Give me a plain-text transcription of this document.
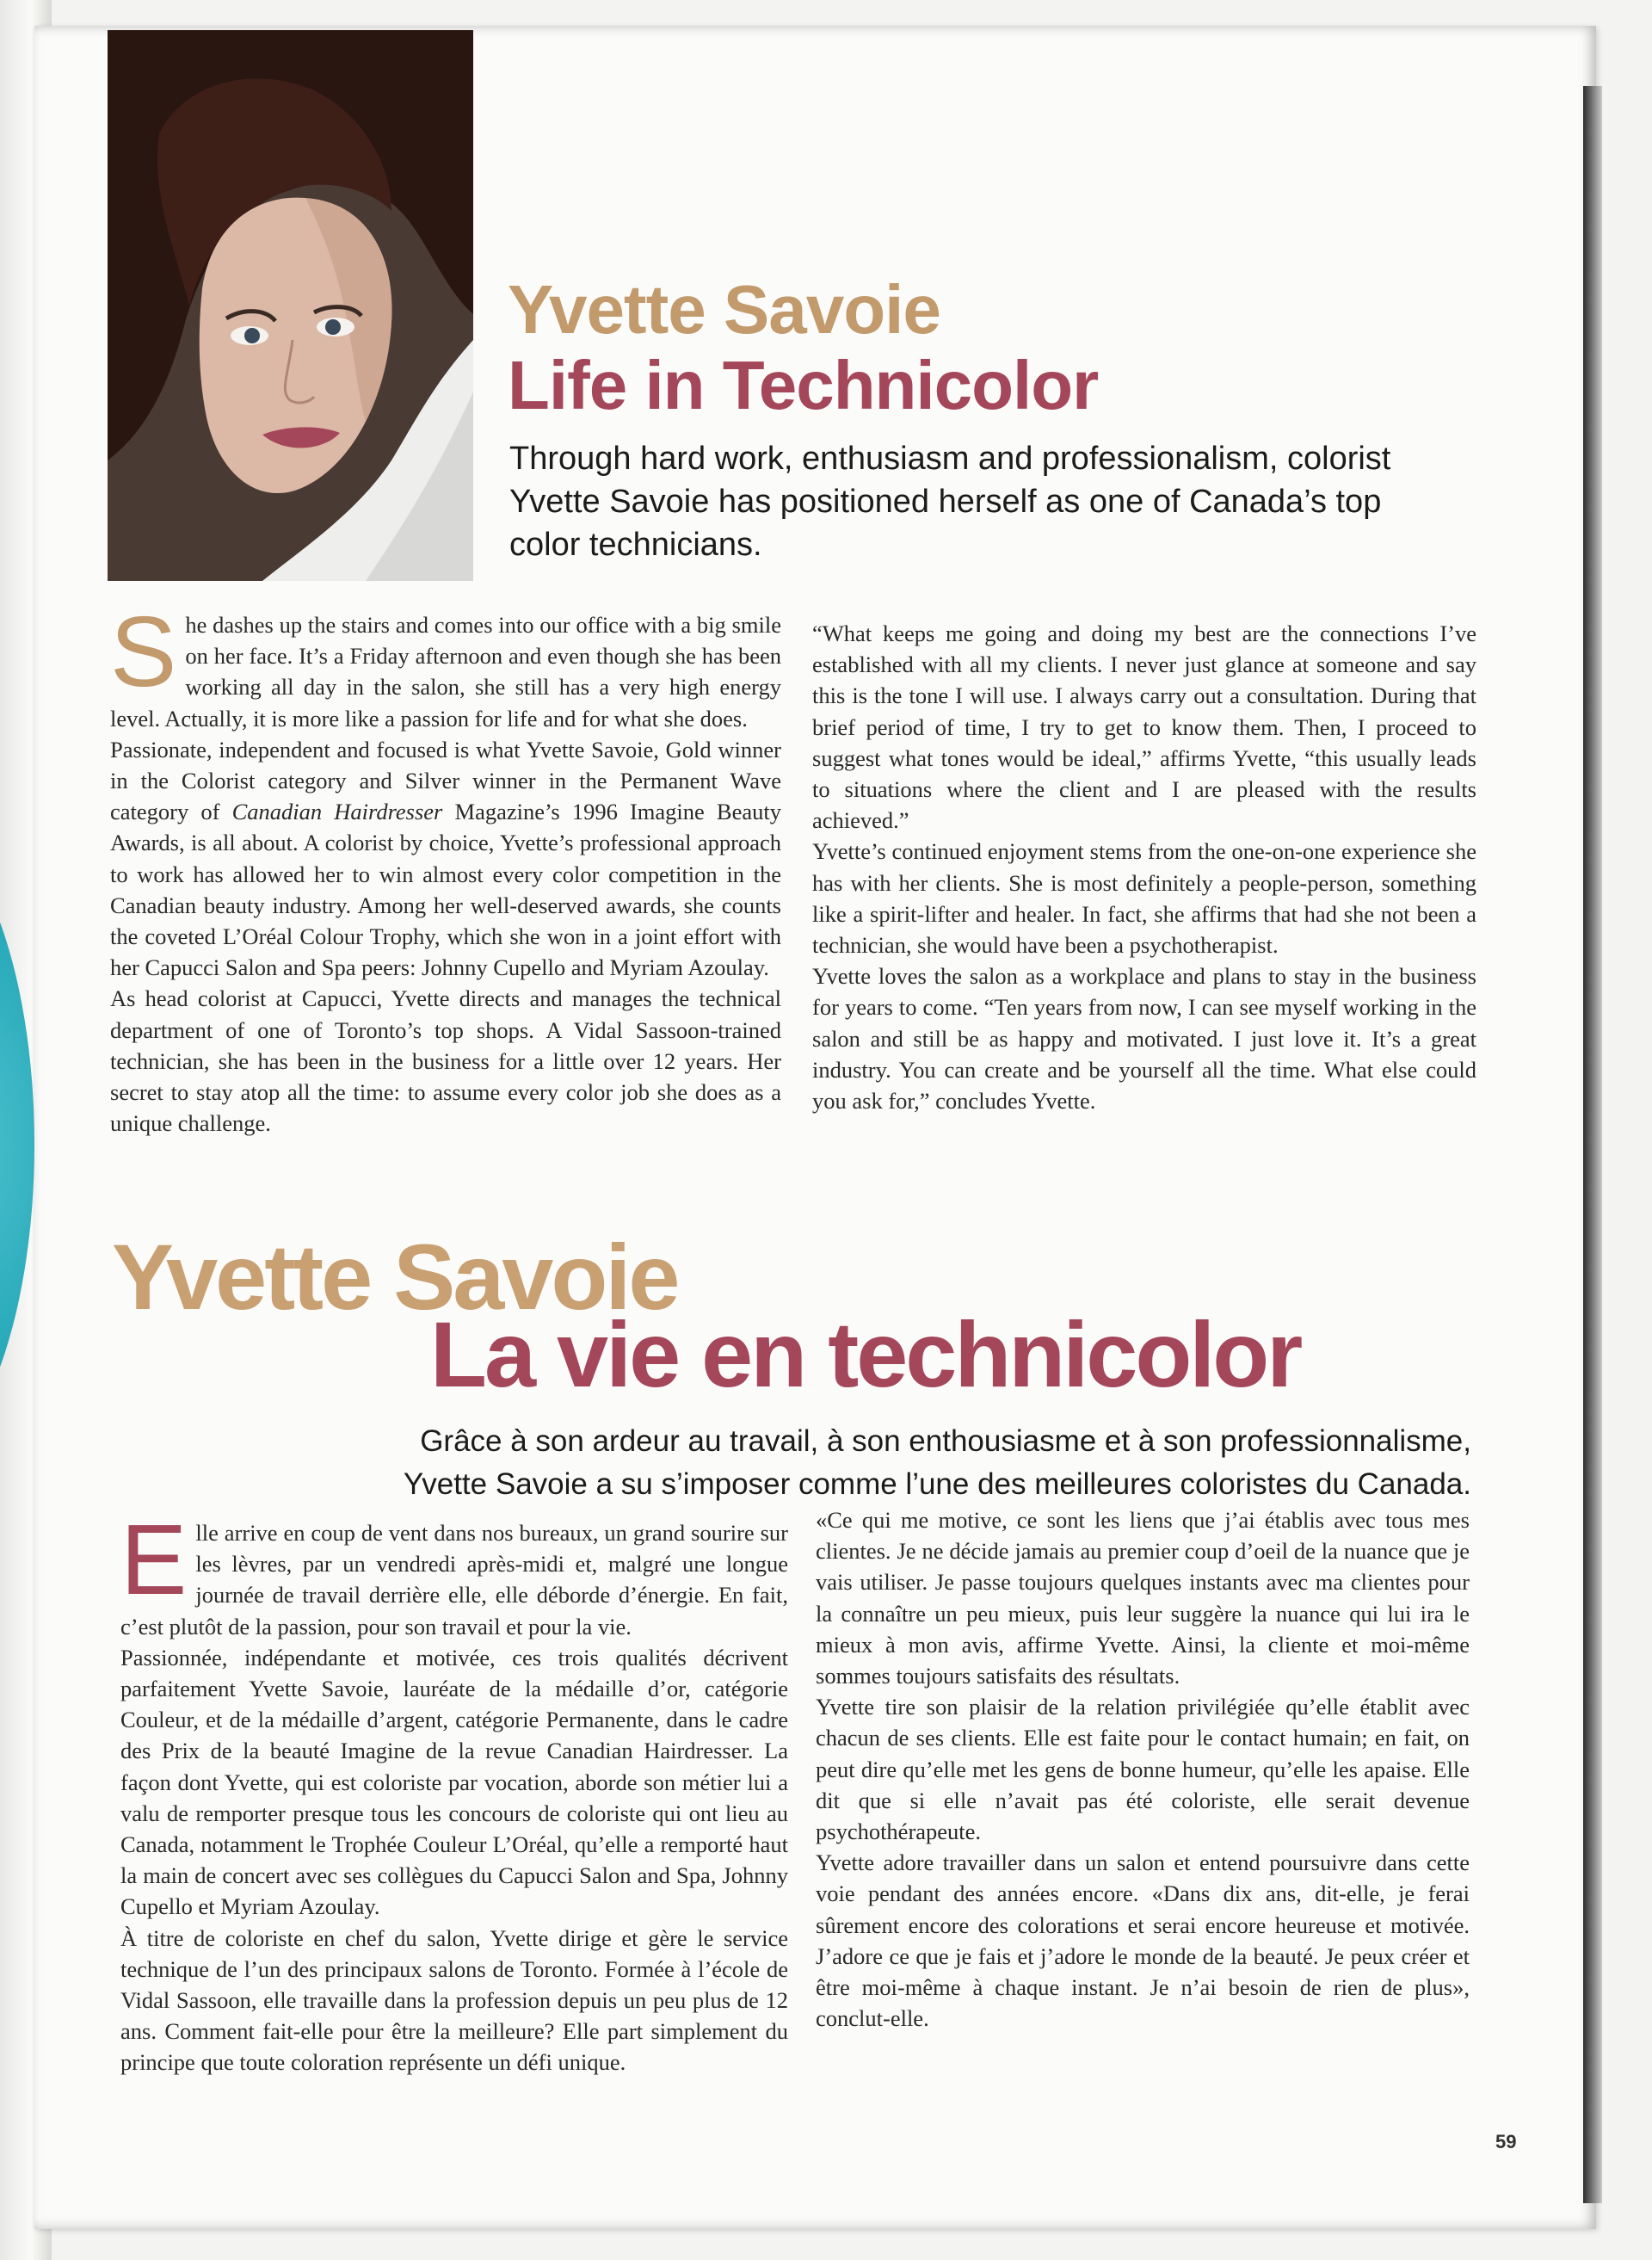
Yvette Savoie
Life in Technicolor
Through hard work, enthusiasm and professionalism, colorist Yvette Savoie has positioned herself as one of Canada’s top color technicians.

She dashes up the stairs and comes into our office with a big smile on her face. It’s a Friday afternoon and even though she has been working all day in the salon, she still has a very high energy level. Actually, it is more like a passion for life and for what she does.

Passionate, independent and focused is what Yvette Savoie, Gold winner in the Colorist category and Silver winner in the Permanent Wave category of Canadian Hairdresser Magazine’s 1996 Imagine Beauty Awards, is all about. A colorist by choice, Yvette’s professional approach to work has allowed her to win almost every color competition in the Canadian beauty industry. Among her well-deserved awards, she counts the coveted L’Oréal Colour Trophy, which she won in a joint effort with her Capucci Salon and Spa peers: Johnny Cupello and Myriam Azoulay.

As head colorist at Capucci, Yvette directs and manages the technical department of one of Toronto’s top shops. A Vidal Sassoon-trained technician, she has been in the business for a little over 12 years. Her secret to stay atop all the time: to assume every color job she does as a unique challenge.

“What keeps me going and doing my best are the connections I’ve established with all my clients. I never just glance at someone and say this is the tone I will use. I always carry out a consultation. During that brief period of time, I try to get to know them. Then, I proceed to suggest what tones would be ideal,” affirms Yvette, “this usually leads to situations where the client and I are pleased with the results achieved.”

Yvette’s continued enjoyment stems from the one-on-one experience she has with her clients. She is most definitely a people-person, something like a spirit-lifter and healer. In fact, she affirms that had she not been a technician, she would have been a psychotherapist.

Yvette loves the salon as a workplace and plans to stay in the business for years to come. “Ten years from now, I can see myself working in the salon and still be as happy and motivated. I just love it. It’s a great industry. You can create and be yourself all the time. What else could you ask for,” concludes Yvette.

Yvette Savoie
La vie en technicolor
Grâce à son ardeur au travail, à son enthousiasme et à son professionnalisme,
Yvette Savoie a su s’imposer comme l’une des meilleures coloristes du Canada.

Elle arrive en coup de vent dans nos bureaux, un grand sourire sur les lèvres, par un vendredi après-midi et, malgré une longue journée de travail derrière elle, elle déborde d’énergie. En fait, c’est plutôt de la passion, pour son travail et pour la vie.

Passionnée, indépendante et motivée, ces trois qualités décrivent parfaitement Yvette Savoie, lauréate de la médaille d’or, catégorie Couleur, et de la médaille d’argent, catégorie Permanente, dans le cadre des Prix de la beauté Imagine de la revue Canadian Hairdresser. La façon dont Yvette, qui est coloriste par vocation, aborde son métier lui a valu de remporter presque tous les concours de coloriste qui ont lieu au Canada, notamment le Trophée Couleur L’Oréal, qu’elle a remporté haut la main de concert avec ses collègues du Capucci Salon and Spa, Johnny Cupello et Myriam Azoulay.

À titre de coloriste en chef du salon, Yvette dirige et gère le service technique de l’un des principaux salons de Toronto. Formée à l’école de Vidal Sassoon, elle travaille dans la profession depuis un peu plus de 12 ans. Comment fait-elle pour être la meilleure? Elle part simplement du principe que toute coloration représente un défi unique.

«Ce qui me motive, ce sont les liens que j’ai établis avec tous mes clientes. Je ne décide jamais au premier coup d’oeil de la nuance que je vais utiliser. Je passe toujours quelques instants avec ma clientes pour la connaître un peu mieux, puis leur suggère la nuance qui lui ira le mieux à mon avis, affirme Yvette. Ainsi, la cliente et moi-même sommes toujours satisfaits des résultats.

Yvette tire son plaisir de la relation privilégiée qu’elle établit avec chacun de ses clients. Elle est faite pour le contact humain; en fait, on peut dire qu’elle met les gens de bonne humeur, qu’elle les apaise. Elle dit que si elle n’avait pas été coloriste, elle serait devenue psychothérapeute.

Yvette adore travailler dans un salon et entend poursuivre dans cette voie pendant des années encore. «Dans dix ans, dit-elle, je ferai sûrement encore des colorations et serai encore heureuse et motivée. J’adore ce que je fais et j’adore le monde de la beauté. Je peux créer et être moi-même à chaque instant. Je n’ai besoin de rien de plus», conclut-elle.

59
